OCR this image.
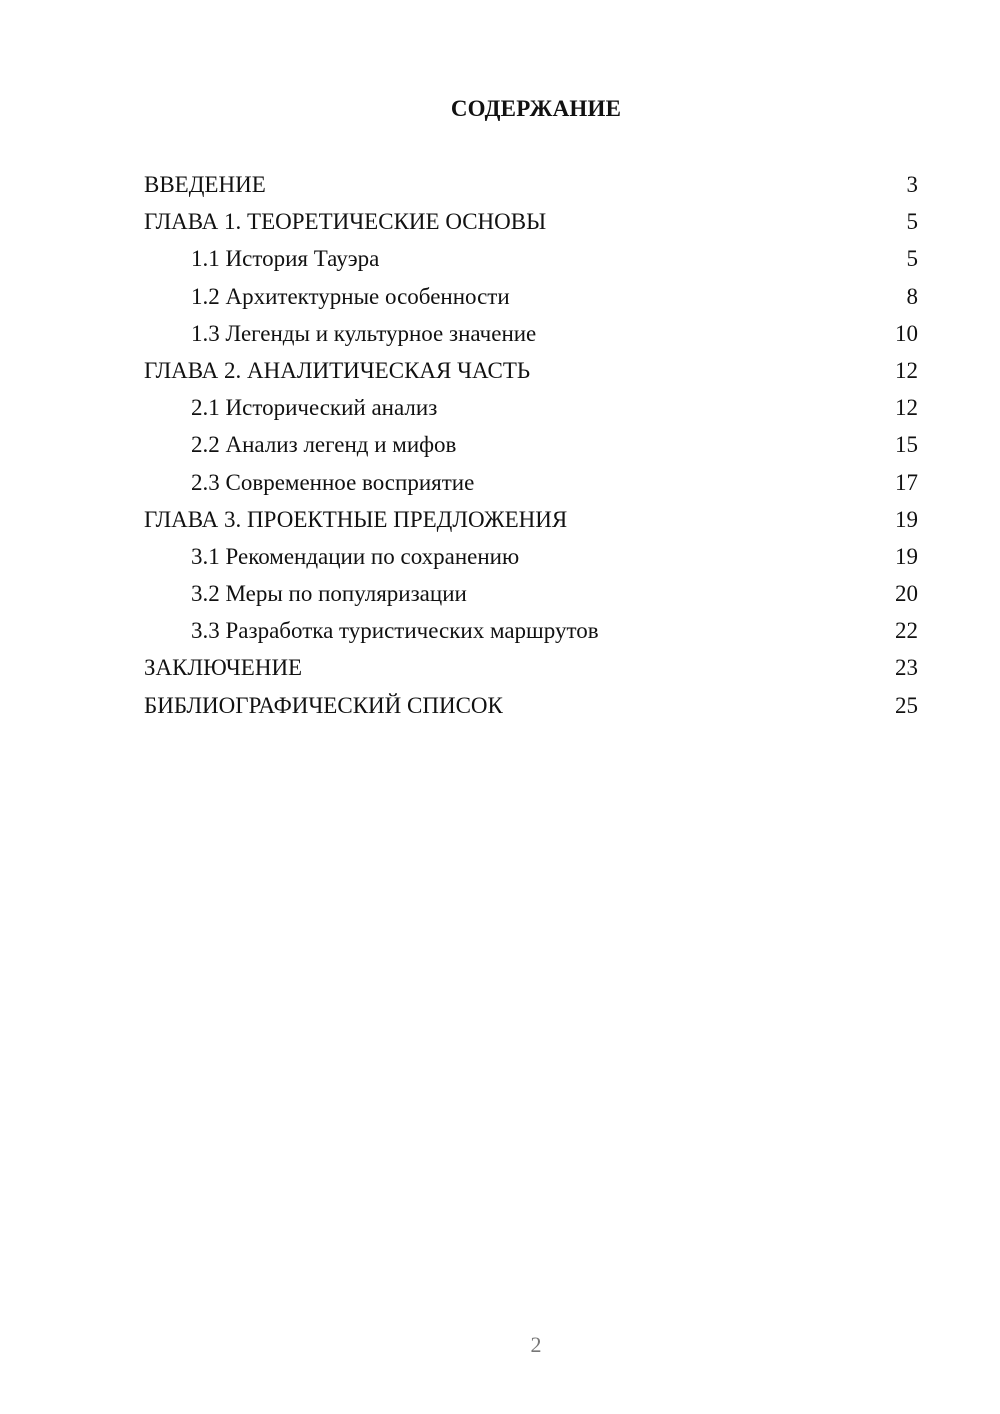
СОДЕРЖАНИЕ
ВВЕДЕНИЕ	3
ГЛАВА 1. ТЕОРЕТИЧЕСКИЕ ОСНОВЫ	5
1.1 История Тауэра	5
1.2 Архитектурные особенности	8
1.3 Легенды и культурное значение	10
ГЛАВА 2. АНАЛИТИЧЕСКАЯ ЧАСТЬ	12
2.1 Исторический анализ	12
2.2 Анализ легенд и мифов	15
2.3 Современное восприятие	17
ГЛАВА 3. ПРОЕКТНЫЕ ПРЕДЛОЖЕНИЯ	19
3.1 Рекомендации по сохранению	19
3.2 Меры по популяризации	20
3.3 Разработка туристических маршрутов	22
ЗАКЛЮЧЕНИЕ	23
БИБЛИОГРАФИЧЕСКИЙ СПИСОК	25
2
